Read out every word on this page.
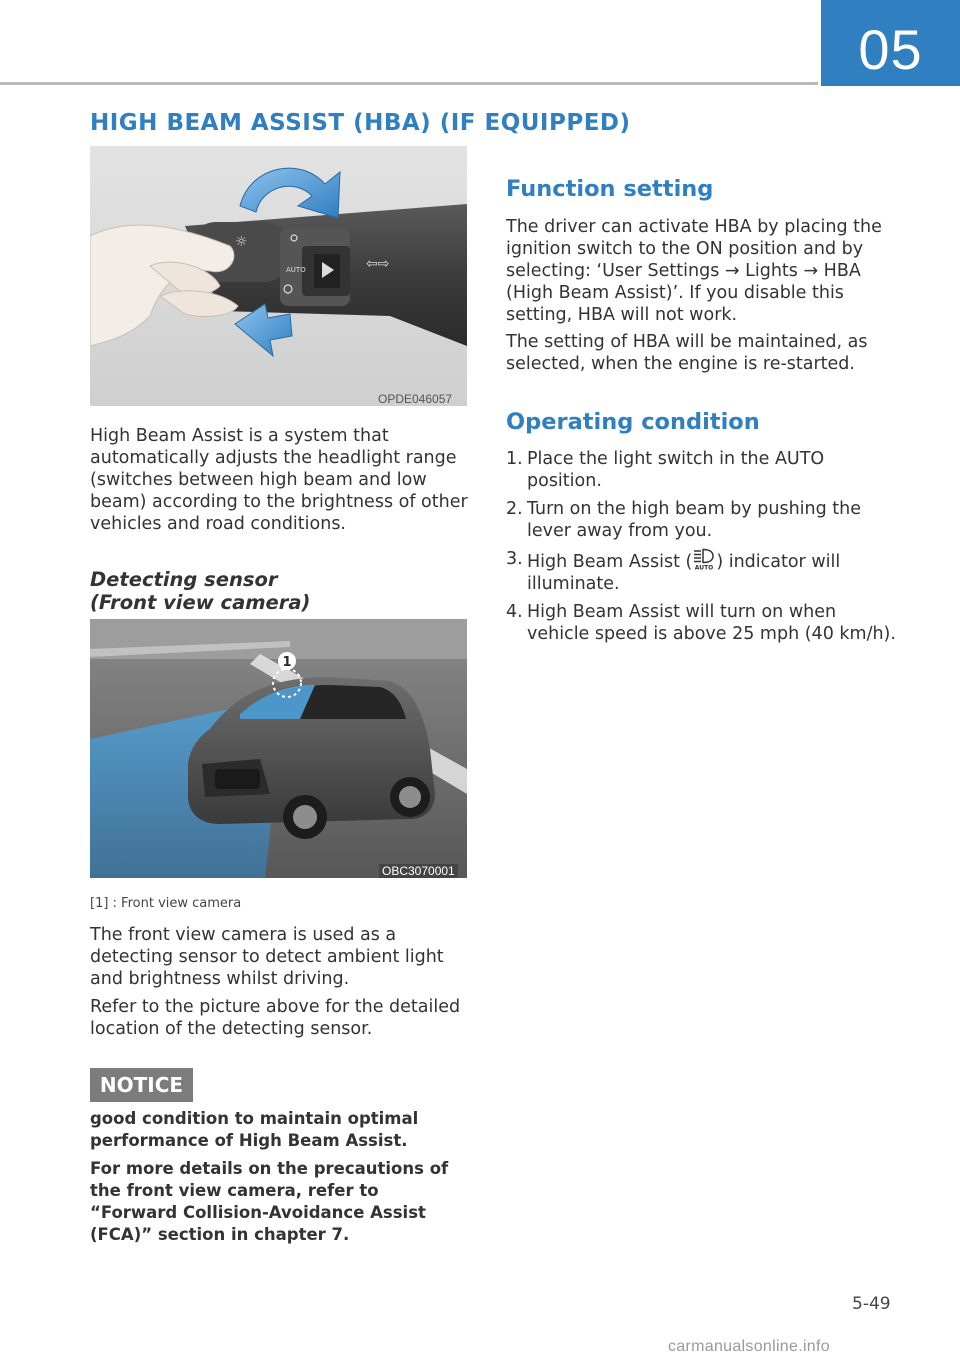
05
HIGH BEAM ASSIST (HBA) (IF EQUIPPED)
☼
AUTO	⇦⇨
OPDE046057
High Beam Assist is a system that automatically adjusts the headlight range (switches between high beam and low beam) according to the brightness of other vehicles and road conditions.
Detecting sensor
(Front view camera)
1
OBC3070001
[1] : Front view camera
The front view camera is used as a detecting sensor to detect ambient light and brightness whilst driving.
Refer to the picture above for the detailed location of the detecting sensor.
NOTICE
good condition to maintain optimal performance of High Beam Assist.
For more details on the precautions of the front view camera, refer to “Forward Collision-Avoidance Assist (FCA)” section in chapter 7.
Function setting
The driver can activate HBA by placing the ignition switch to the ON position and by selecting: ‘User Settings → Lights → HBA (High Beam Assist)’. If you disable this setting, HBA will not work.
The setting of HBA will be maintained, as selected, when the engine is re-started.
Operating condition
1. Place the light switch in the AUTO position.
2. Turn on the high beam by pushing the lever away from you.
3. High Beam Assist ( AUTO ) indicator will illuminate.
4. High Beam Assist will turn on when vehicle speed is above 25 mph (40 km/h).
5-49
carmanualsonline.info
